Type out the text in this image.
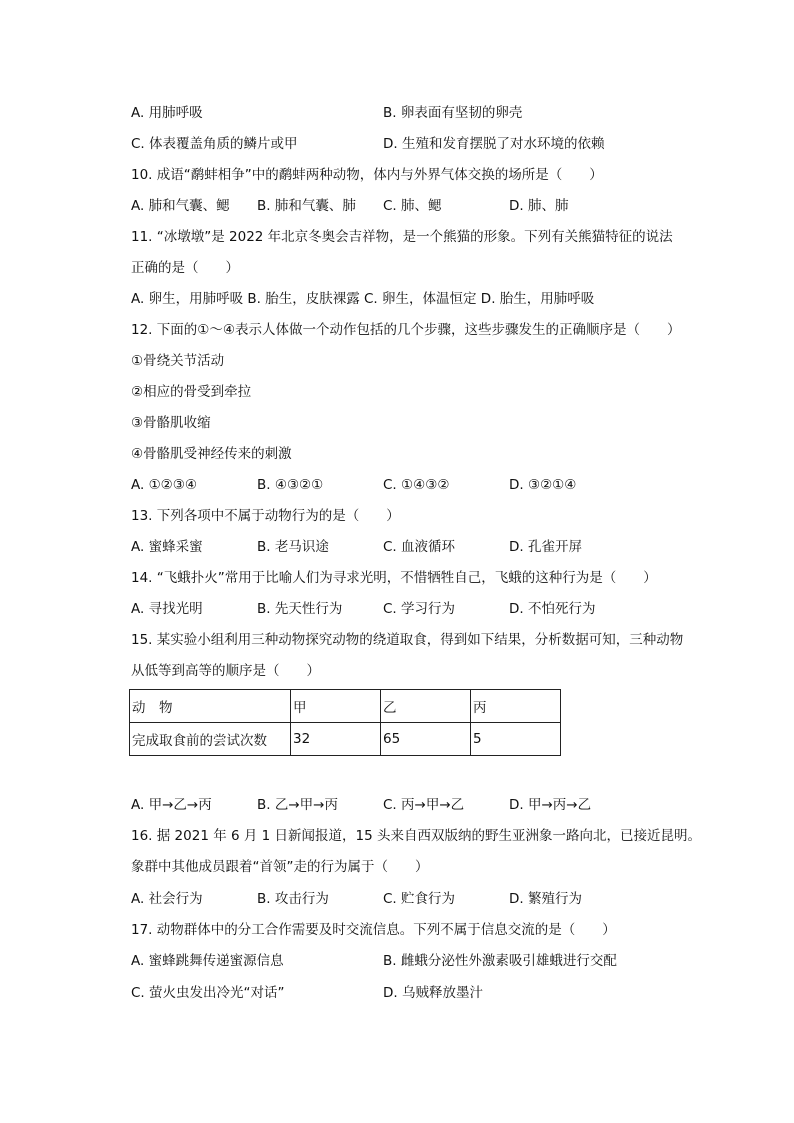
A. 用肺呼吸	B. 卵表面有坚韧的卵壳
C. 体表覆盖角质的鳞片或甲	D. 生殖和发育摆脱了对水环境的依赖
10. 成语“鹬蚌相争”中的鹬蚌两种动物，体内与外界气体交换的场所是（　　）
A. 肺和气囊、鳃 B. 肺和气囊、肺 C. 肺、鳃	D. 肺、肺
11. “冰墩墩”是 2022 年北京冬奥会吉祥物，是一个熊猫的形象。下列有关熊猫特征的说法
正确的是（　　）
A. 卵生，用肺呼吸 B. 胎生，皮肤裸露 C. 卵生，体温恒定 D. 胎生，用肺呼吸
12. 下面的①～④表示人体做一个动作包括的几个步骤，这些步骤发生的正确顺序是（　　）
①骨绕关节活动
②相应的骨受到牵拉
③骨骼肌收缩
④骨骼肌受神经传来的刺激
A. ①②③④	B. ④③②①	C. ①④③②	D. ③②①④
13. 下列各项中不属于动物行为的是（　　）
A. 蜜蜂采蜜	B. 老马识途	C. 血液循环	D. 孔雀开屏
14. “飞蛾扑火”常用于比喻人们为寻求光明，不惜牺牲自己，飞蛾的这种行为是（　　）
A. 寻找光明	B. 先天性行为	C. 学习行为	D. 不怕死行为
15. 某实验小组利用三种动物探究动物的绕道取食，得到如下结果，分析数据可知，三种动物
从低等到高等的顺序是（　　）
动　物	甲	乙	丙
完成取食前的尝试次数	32	65	5
A. 甲→乙→丙	B. 乙→甲→丙	C. 丙→甲→乙	D. 甲→丙→乙
16. 据 2021 年 6 月 1 日新闻报道，15 头来自西双版纳的野生亚洲象一路向北，已接近昆明。
象群中其他成员跟着“首领”走的行为属于（　　）
A. 社会行为	B. 攻击行为	C. 贮食行为	D. 繁殖行为
17. 动物群体中的分工合作需要及时交流信息。下列不属于信息交流的是（　　）
A. 蜜蜂跳舞传递蜜源信息	B. 雌蛾分泌性外激素吸引雄蛾进行交配
C. 萤火虫发出冷光“对话”	D. 乌贼释放墨汁
